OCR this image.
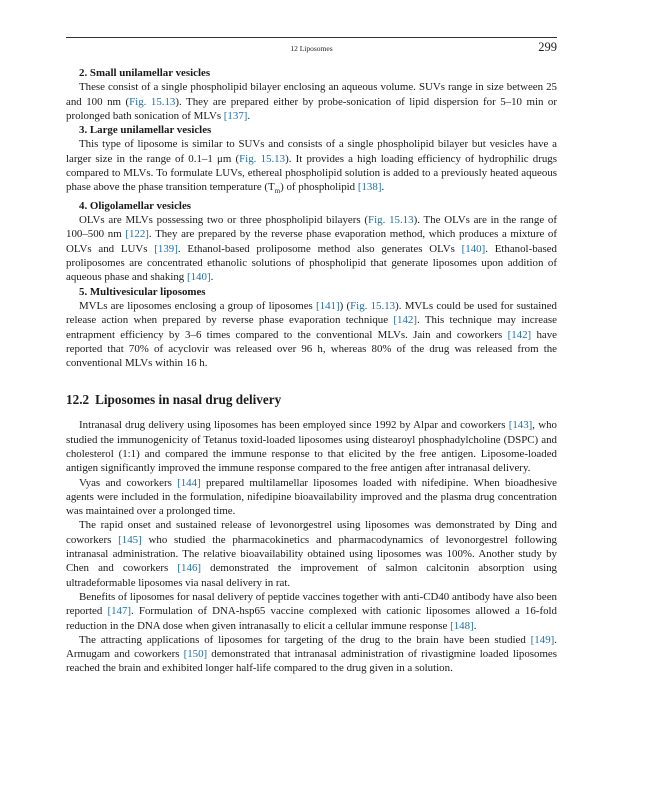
12 Liposomes	299

2. Small unilamellar vesicles

These consist of a single phospholipid bilayer enclosing an aqueous volume. SUVs range in size between 25 and 100 nm (Fig. 15.13). They are prepared either by probe-sonication of lipid dispersion for 5–10 min or prolonged bath sonication of MLVs [137].

3. Large unilamellar vesicles

This type of liposome is similar to SUVs and consists of a single phospholipid bilayer but vesicles have a larger size in the range of 0.1–1 μm (Fig. 15.13). It provides a high loading efficiency of hydrophilic drugs compared to MLVs. To formulate LUVs, ethereal phospholipid solution is added to a previously heated aqueous phase above the phase transition temperature $(T_m)$ of phospholipid [138].

4. Oligolamellar vesicles

OLVs are MLVs possessing two or three phospholipid bilayers (Fig. 15.13). The OLVs are in the range of 100–500 nm [122]. They are prepared by the reverse phase evaporation method, which produces a mixture of OLVs and LUVs [139]. Ethanol-based proliposome method also generates OLVs [140]. Ethanol-based proliposomes are concentrated ethanolic solutions of phospholipid that generate liposomes upon addition of aqueous phase and shaking [140].

5. Multivesicular liposomes

MVLs are liposomes enclosing a group of liposomes [141]) (Fig. 15.13). MVLs could be used for sustained release action when prepared by reverse phase evaporation technique [142]. This technique may increase entrapment efficiency by 3–6 times compared to the conventional MLVs. Jain and coworkers [142] have reported that 70% of acyclovir was released over 96 h, whereas 80% of the drug was released from the conventional MLVs within 16 h.

12.2 Liposomes in nasal drug delivery

Intranasal drug delivery using liposomes has been employed since 1992 by Alpar and coworkers [143], who studied the immunogenicity of Tetanus toxid-loaded liposomes using distearoyl phosphadylcholine (DSPC) and cholesterol (1:1) and compared the immune response to that elicited by the free antigen. Liposome-loaded antigen significantly improved the immune response compared to the free antigen after intranasal delivery.

Vyas and coworkers [144] prepared multilamellar liposomes loaded with nifedipine. When bioadhesive agents were included in the formulation, nifedipine bioavailability improved and the plasma drug concentration was maintained over a prolonged time.

The rapid onset and sustained release of levonorgestrel using liposomes was demonstrated by Ding and coworkers [145] who studied the pharmacokinetics and pharmacodynamics of levonorgestrel following intranasal administration. The relative bioavailability obtained using liposomes was 100%. Another study by Chen and coworkers [146] demonstrated the improvement of salmon calcitonin absorption using ultradeformable liposomes via nasal delivery in rat.

Benefits of liposomes for nasal delivery of peptide vaccines together with anti-CD40 antibody have also been reported [147]. Formulation of DNA-hsp65 vaccine complexed with cationic liposomes allowed a 16-fold reduction in the DNA dose when given intranasally to elicit a cellular immune response [148].

The attracting applications of liposomes for targeting of the drug to the brain have been studied [149]. Armugam and coworkers [150] demonstrated that intranasal administration of rivastigmine loaded liposomes reached the brain and exhibited longer half-life compared to the drug given in a solution.
